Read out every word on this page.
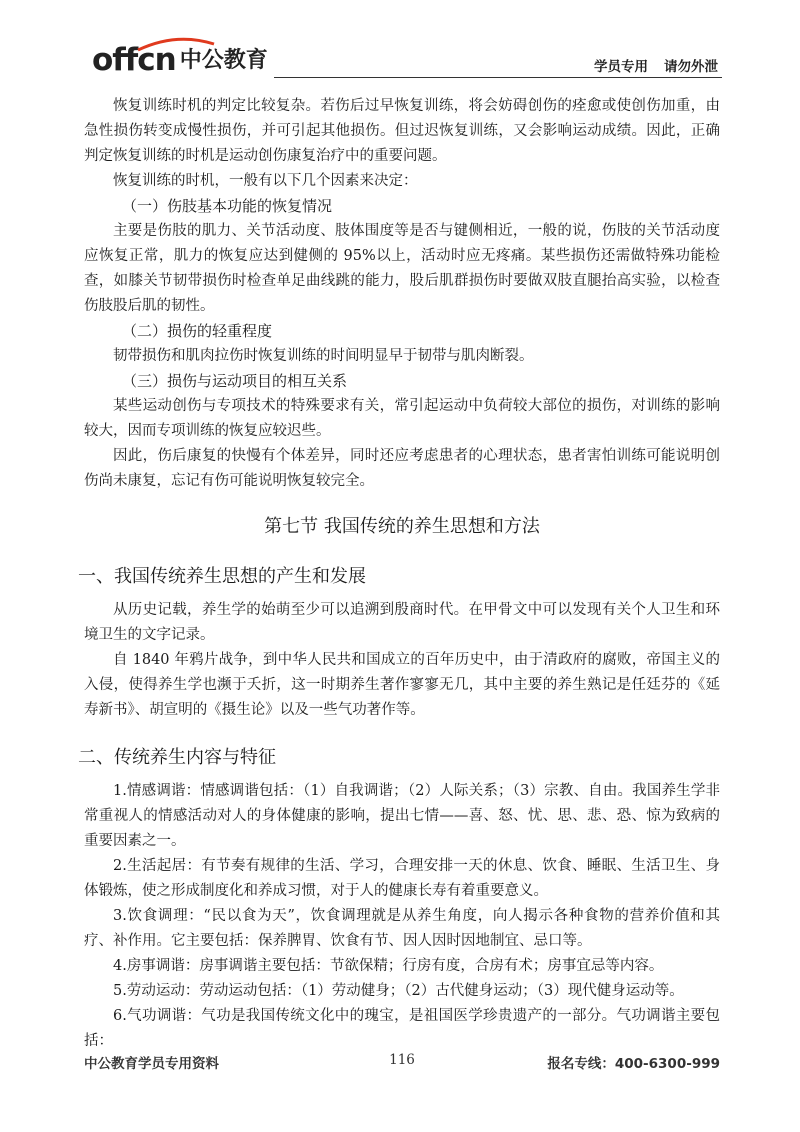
offcn 中公教育	学员专用 请勿外泄

恢复训练时机的判定比较复杂。若伤后过早恢复训练，将会妨碍创伤的痊愈或使创伤加重，由急性损伤转变成慢性损伤，并可引起其他损伤。但过迟恢复训练，又会影响运动成绩。因此，正确判定恢复训练的时机是运动创伤康复治疗中的重要问题。

恢复训练的时机，一般有以下几个因素来决定：

（一）伤肢基本功能的恢复情况

主要是伤肢的肌力、关节活动度、肢体围度等是否与键侧相近，一般的说，伤肢的关节活动度应恢复正常，肌力的恢复应达到健侧的 95%以上，活动时应无疼痛。某些损伤还需做特殊功能检查，如膝关节韧带损伤时检查单足曲线跳的能力，股后肌群损伤时要做双肢直腿抬高实验，以检查伤肢股后肌的韧性。

（二）损伤的轻重程度

韧带损伤和肌肉拉伤时恢复训练的时间明显早于韧带与肌肉断裂。

（三）损伤与运动项目的相互关系

某些运动创伤与专项技术的特殊要求有关，常引起运动中负荷较大部位的损伤，对训练的影响较大，因而专项训练的恢复应较迟些。

因此，伤后康复的快慢有个体差异，同时还应考虑患者的心理状态，患者害怕训练可能说明创伤尚未康复，忘记有伤可能说明恢复较完全。

第七节 我国传统的养生思想和方法
一、我国传统养生思想的产生和发展

从历史记载，养生学的始萌至少可以追溯到殷商时代。在甲骨文中可以发现有关个人卫生和环境卫生的文字记录。

自 1840 年鸦片战争，到中华人民共和国成立的百年历史中，由于清政府的腐败，帝国主义的入侵，使得养生学也濒于夭折，这一时期养生著作寥寥无几，其中主要的养生熟记是任廷芬的《延寿新书》、胡宣明的《摄生论》以及一些气功著作等。

二、传统养生内容与特征

1.情感调谐：情感调谐包括：（1）自我调谐；（2）人际关系；（3）宗教、自由。我国养生学非常重视人的情感活动对人的身体健康的影响，提出七情——喜、怒、忧、思、悲、恐、惊为致病的重要因素之一。

2.生活起居：有节奏有规律的生活、学习，合理安排一天的休息、饮食、睡眠、生活卫生、身体锻炼，使之形成制度化和养成习惯，对于人的健康长寿有着重要意义。

3.饮食调理：“民以食为天”，饮食调理就是从养生角度，向人揭示各种食物的营养价值和其疗、补作用。它主要包括：保养脾胃、饮食有节、因人因时因地制宜、忌口等。

4.房事调谐：房事调谐主要包括：节欲保精；行房有度，合房有术；房事宜忌等内容。

5.劳动运动：劳动运动包括：（1）劳动健身；（2）古代健身运动；（3）现代健身运动等。

6.气功调谐：气功是我国传统文化中的瑰宝，是祖国医学珍贵遗产的一部分。气功调谐主要包括：

中公教育学员专用资料	116	报名专线：400-6300-999
